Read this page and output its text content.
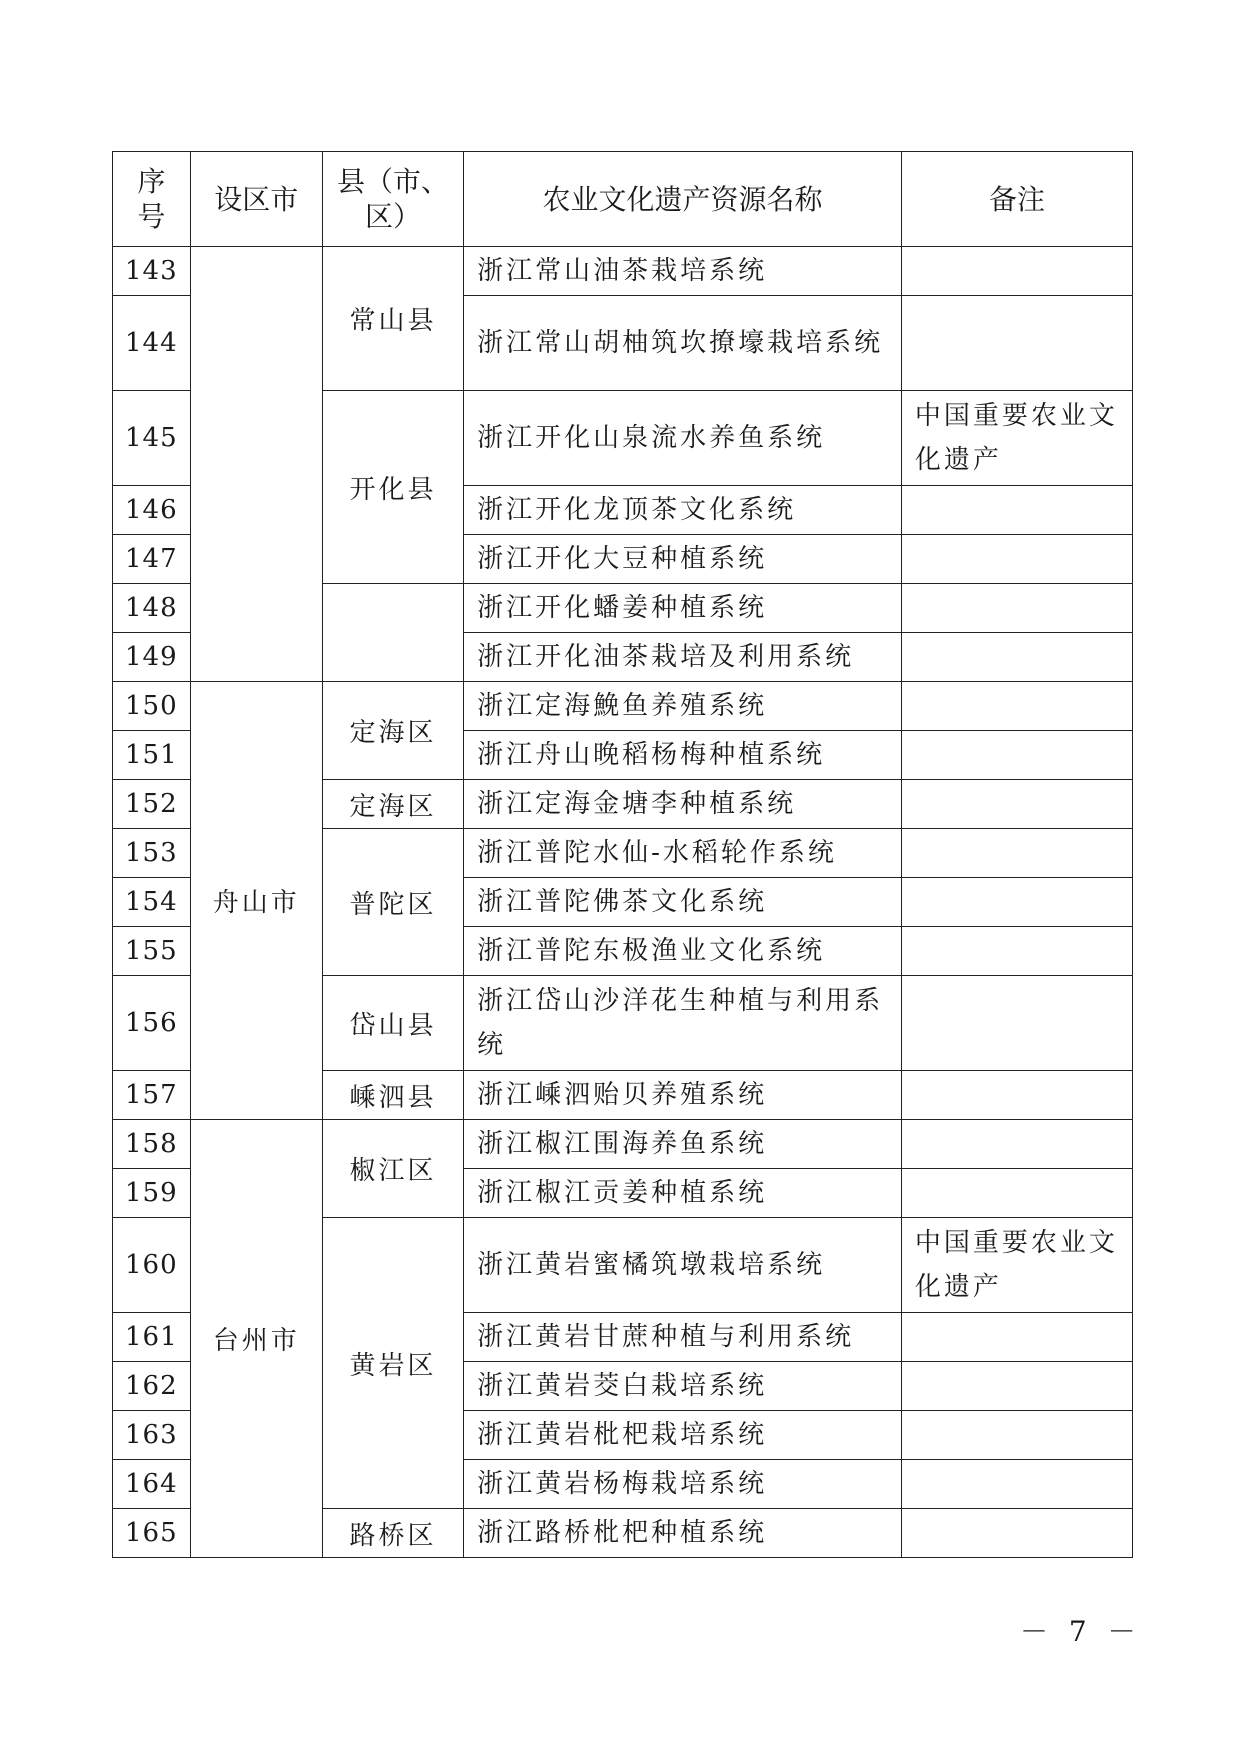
序号	设区市	县（市、区）	农业文化遗产资源名称	备注
143		常山县	浙江常山油茶栽培系统	
144			浙江常山胡柚筑坎撩壕栽培系统	
145		开化县	浙江开化山泉流水养鱼系统	中国重要农业文化遗产
146			浙江开化龙顶茶文化系统	
147			浙江开化大豆种植系统	
148			浙江开化蟠姜种植系统	
149			浙江开化油茶栽培及利用系统	
150	舟山市	定海区	浙江定海鮸鱼养殖系统	
151			浙江舟山晚稻杨梅种植系统	
152		定海区	浙江定海金塘李种植系统	
153		普陀区	浙江普陀水仙-水稻轮作系统	
154			浙江普陀佛茶文化系统	
155			浙江普陀东极渔业文化系统	
156		岱山县	浙江岱山沙洋花生种植与利用系统	
157		嵊泗县	浙江嵊泗贻贝养殖系统	
158	台州市	椒江区	浙江椒江围海养鱼系统	
159			浙江椒江贡姜种植系统	
160		黄岩区	浙江黄岩蜜橘筑墩栽培系统	中国重要农业文化遗产
161			浙江黄岩甘蔗种植与利用系统	
162			浙江黄岩茭白栽培系统	
163			浙江黄岩枇杷栽培系统	
164			浙江黄岩杨梅栽培系统	
165		路桥区	浙江路桥枇杷种植系统	
－ 7 －
